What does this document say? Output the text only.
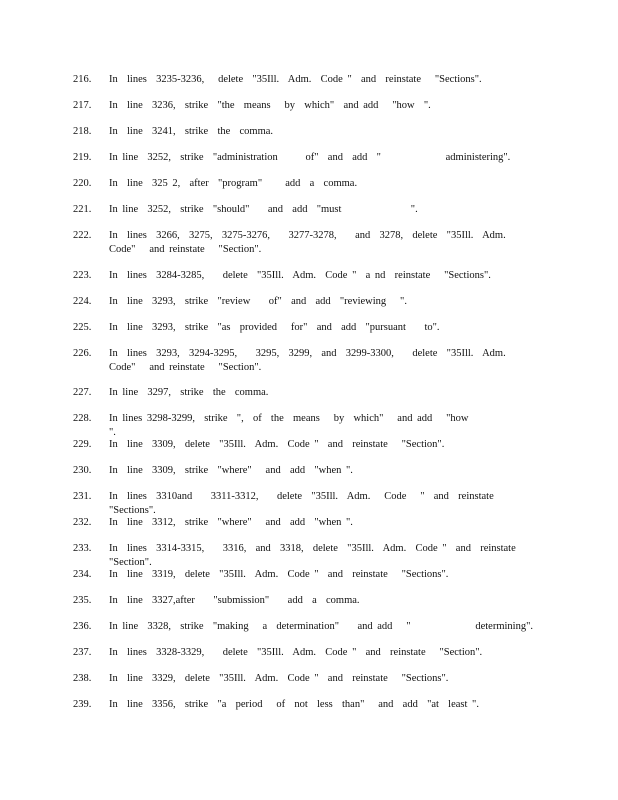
216. In  lines  3235-3236,   delete  "35Ill.  Adm.  Code "  and  reinstate   "Sections".
217. In  line  3236,  strike  "the  means   by  which"  and add   "how  ".
218. In  line  3241,  strike  the  comma.
219. In line  3252,  strike  "administration      of"  and  add  "              administering".
220. In  line  325 2,  after  "program"     add  a  comma.
221. In line  3252,  strike  "should"    and  add  "must               ".
222. In  lines  3266,  3275,  3275-3276,    3277-3278,    and  3278,  delete  "35Ill.  Adm.  Code"   and reinstate   "Section".
223. In  lines  3284-3285,    delete  "35Ill.  Adm.  Code "  a nd  reinstate   "Sections".
224. In  line  3293,  strike  "review    of"  and  add  "reviewing   ".
225. In  line  3293,  strike  "as  provided   for"  and  add  "pursuant    to".
226. In  lines  3293,  3294-3295,    3295,  3299,  and  3299-3300,    delete  "35Ill.  Adm.  Code"   and reinstate   "Section".
227. In line  3297,  strike  the  comma.
228. In lines 3298-3299,  strike  ",  of  the  means   by  which"   and add   "how             ".
229. In  line  3309,  delete  "35Ill.  Adm.  Code "  and  reinstate   "Section".
230. In  line  3309,  strike  "where"   and  add  "when ".
231. In  lines  3310and    3311-3312,    delete  "35Ill.  Adm.   Code   "  and  reinstate   "Sections".
232. In  line  3312,  strike  "where"   and  add  "when ".
233. In  lines  3314-3315,    3316,  and  3318,  delete  "35Ill.  Adm.  Code "  and  reinstate   "Section".
234. In  line  3319,  delete  "35Ill.  Adm.  Code "  and  reinstate   "Sections".
235. In  line  3327,after    "submission"    add  a  comma.
236. In line  3328,  strike  "making   a  determination"    and add   "              determining".
237. In  lines  3328-3329,    delete  "35Ill.  Adm.  Code "  and  reinstate   "Section".
238. In  line  3329,  delete  "35Ill.  Adm.  Code "  and  reinstate   "Sections".
239. In  line  3356,  strike  "a  period   of  not  less  than"   and  add  "at  least ".
